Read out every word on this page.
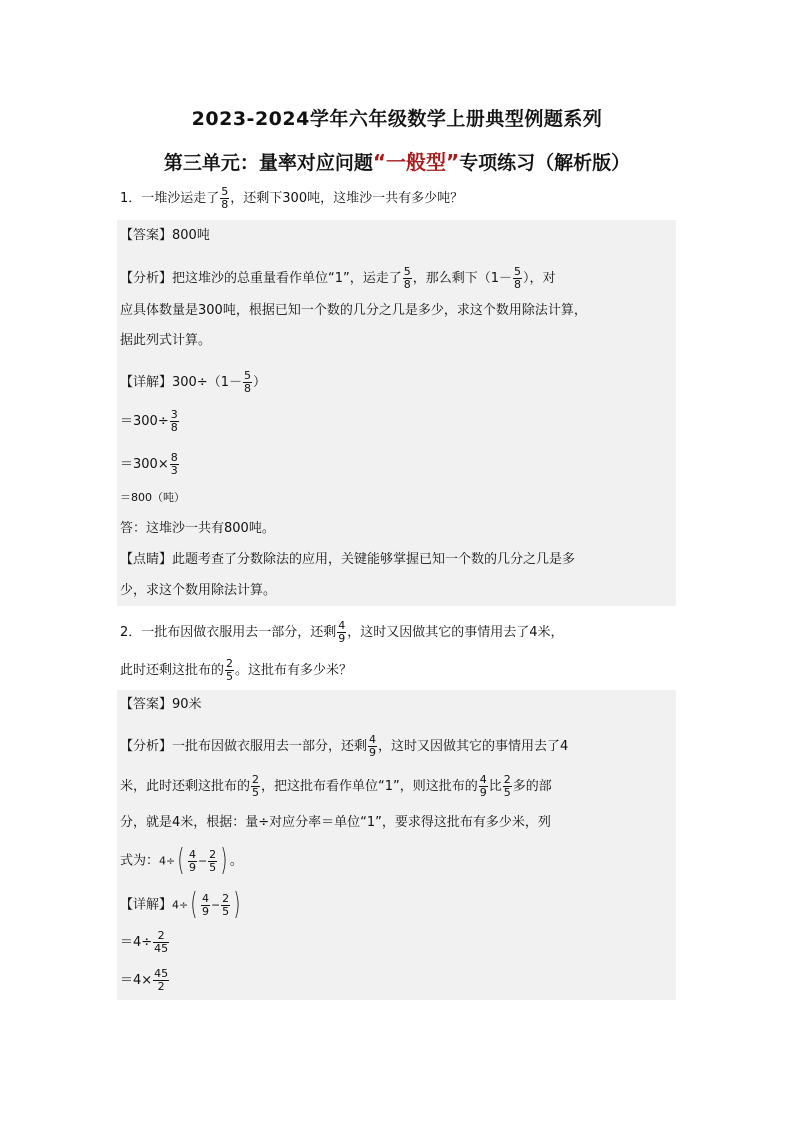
2023-2024学年六年级数学上册典型例题系列
第三单元：量率对应问题“一般型”专项练习（解析版）
1．一堆沙运走了 $\frac{5}{8}$ ，还剩下300吨，这堆沙一共有多少吨？
【答案】800吨
【分析】把这堆沙的总重量看作单位“1”，运走了 $\frac{5}{8}$ ，那么剩下（$1- \frac{5}{8}$ ），对
应具体数量是300吨，根据已知一个数的几分之几是多少，求这个数用除法计算，
据此列式计算。
【详解】$300\div(1- \frac{5}{8}$ ）
$=300\div \frac{3}{8}$
$=300\times \frac{8}{3}$
＝800（吨）
答：这堆沙一共有800吨。
【点睛】此题考查了分数除法的应用，关键能够掌握已知一个数的几分之几是多
少，求这个数用除法计算。
2．一批布因做衣服用去一部分，还剩 $\frac{4}{9}$ ，这时又因做其它的事情用去了4米，
此时还剩这批布的 $\frac{2}{5}$ 。这批布有多少米？
【答案】90米
【分析】一批布因做衣服用去一部分，还剩 $\frac{4}{9}$ ，这时又因做其它的事情用去了4
米，此时还剩这批布的 $\frac{2}{5}$ ，把这批布看作单位“1”，则这批布的 $\frac{4}{9}$ 比 $\frac{2}{5}$ 多的部
分，就是4米，根据：量÷对应分率＝单位“1”，要求得这批布有多少米，列
式为：$4\div( \frac{4}{9} - \frac{2}{5}$ ) 。
【详解】$4\div( \frac{4}{9} - \frac{2}{5}$ )
$=4\div \frac{2}{45}$
$=4\times \frac{45}{2}$
